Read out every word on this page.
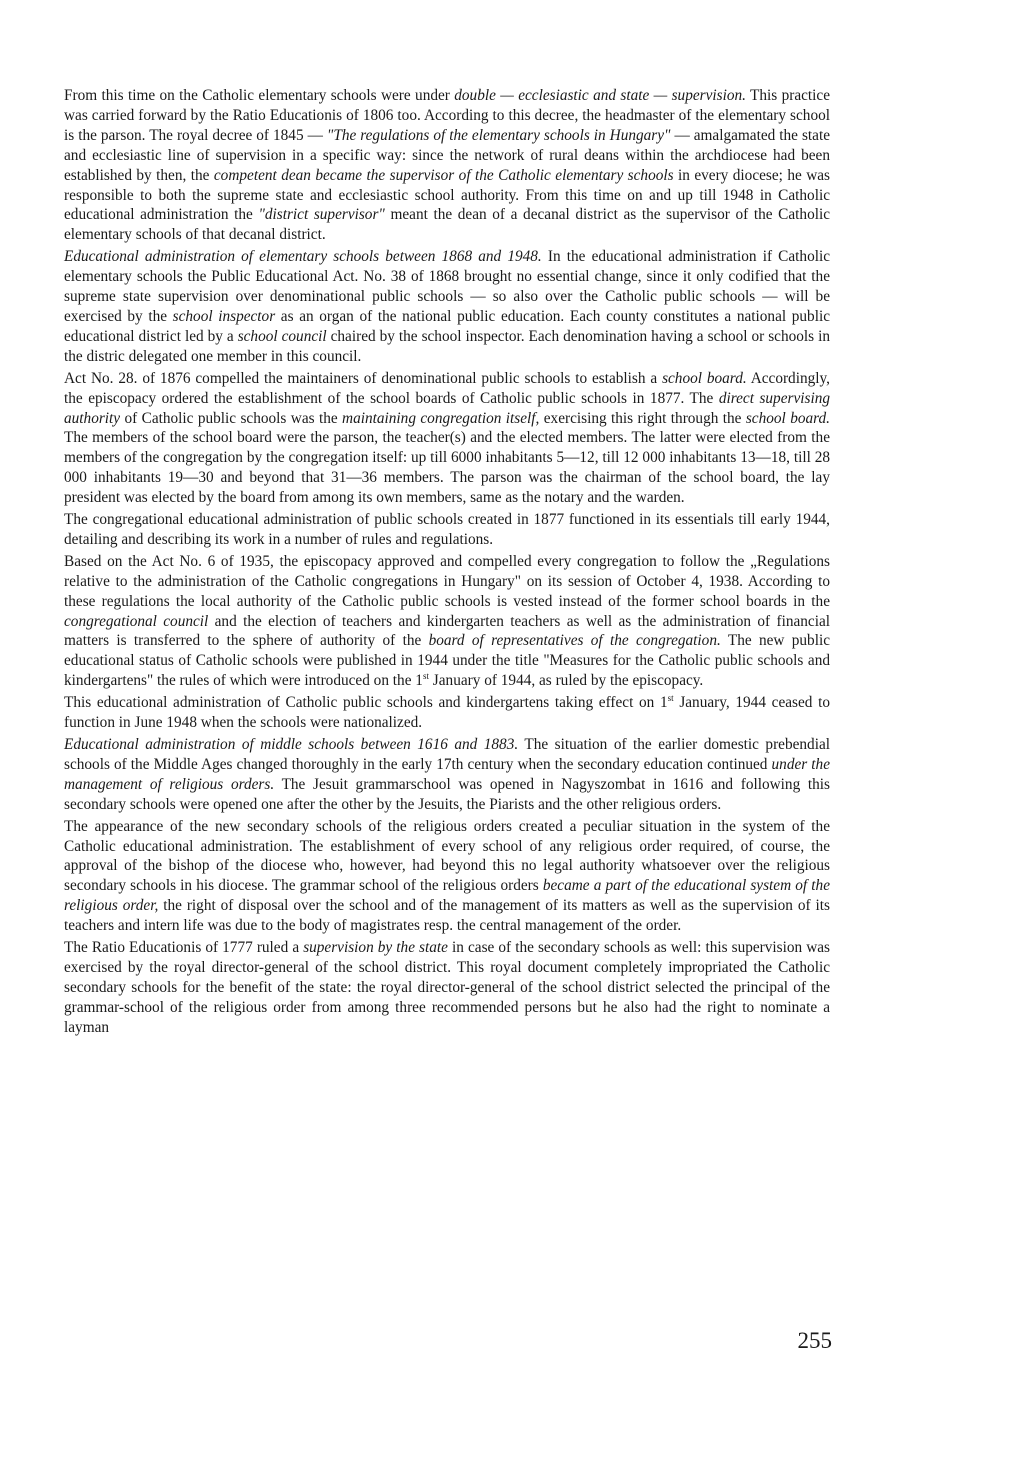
From this time on the Catholic elementary schools were under double — ecclesiastic and state — supervision. This practice was carried forward by the Ratio Educationis of 1806 too. According to this decree, the headmaster of the elementary school is the parson. The royal decree of 1845 — "The regulations of the elementary schools in Hungary" — amalgamated the state and ecclesiastic line of supervision in a specific way: since the network of rural deans within the archdiocese had been established by then, the competent dean became the supervisor of the Catholic elementary schools in every diocese; he was responsible to both the supreme state and ecclesiastic school authority. From this time on and up till 1948 in Catholic educational administration the "district supervisor" meant the dean of a decanal district as the supervisor of the Catholic elementary schools of that decanal district.

Educational administration of elementary schools between 1868 and 1948. In the educational administration if Catholic elementary schools the Public Educational Act. No. 38 of 1868 brought no essential change, since it only codified that the supreme state supervision over denominational public schools — so also over the Catholic public schools — will be exercised by the school inspector as an organ of the national public education. Each county constitutes a national public educational district led by a school council chaired by the school inspector. Each denomination having a school or schools in the distric delegated one member in this council.

Act No. 28. of 1876 compelled the maintainers of denominational public schools to establish a school board. Accordingly, the episcopacy ordered the establishment of the school boards of Catholic public schools in 1877. The direct supervising authority of Catholic public schools was the maintaining congregation itself, exercising this right through the school board. The members of the school board were the parson, the teacher(s) and the elected members. The latter were elected from the members of the congregation by the congregation itself: up till 6000 inhabitants 5—12, till 12 000 inhabitants 13—18, till 28 000 inhabitants 19—30 and beyond that 31—36 members. The parson was the chairman of the school board, the lay president was elected by the board from among its own members, same as the notary and the warden.

The congregational educational administration of public schools created in 1877 functioned in its essentials till early 1944, detailing and describing its work in a number of rules and regulations.

Based on the Act No. 6 of 1935, the episcopacy approved and compelled every congregation to follow the „Regulations relative to the administration of the Catholic congregations in Hungary" on its session of October 4, 1938. According to these regulations the local authority of the Catholic public schools is vested instead of the former school boards in the congregational council and the election of teachers and kindergarten teachers as well as the administration of financial matters is transferred to the sphere of authority of the board of representatives of the congregation. The new public educational status of Catholic schools were published in 1944 under the title "Measures for the Catholic public schools and kindergartens" the rules of which were introduced on the 1st January of 1944, as ruled by the episcopacy.

This educational administration of Catholic public schools and kindergartens taking effect on 1st January, 1944 ceased to function in June 1948 when the schools were nationalized.

Educational administration of middle schools between 1616 and 1883. The situation of the earlier domestic prebendial schools of the Middle Ages changed thoroughly in the early 17th century when the secondary education continued under the management of religious orders. The Jesuit grammarschool was opened in Nagyszombat in 1616 and following this secondary schools were opened one after the other by the Jesuits, the Piarists and the other religious orders.

The appearance of the new secondary schools of the religious orders created a peculiar situation in the system of the Catholic educational administration. The establishment of every school of any religious order required, of course, the approval of the bishop of the diocese who, however, had beyond this no legal authority whatsoever over the religious secondary schools in his diocese. The grammar school of the religious orders became a part of the educational system of the religious order, the right of disposal over the school and of the management of its matters as well as the supervision of its teachers and intern life was due to the body of magistrates resp. the central management of the order.

The Ratio Educationis of 1777 ruled a supervision by the state in case of the secondary schools as well: this supervision was exercised by the royal director-general of the school district. This royal document completely impropriated the Catholic secondary schools for the benefit of the state: the royal director-general of the school district selected the principal of the grammar-school of the religious order from among three recommended persons but he also had the right to nominate a layman

255
